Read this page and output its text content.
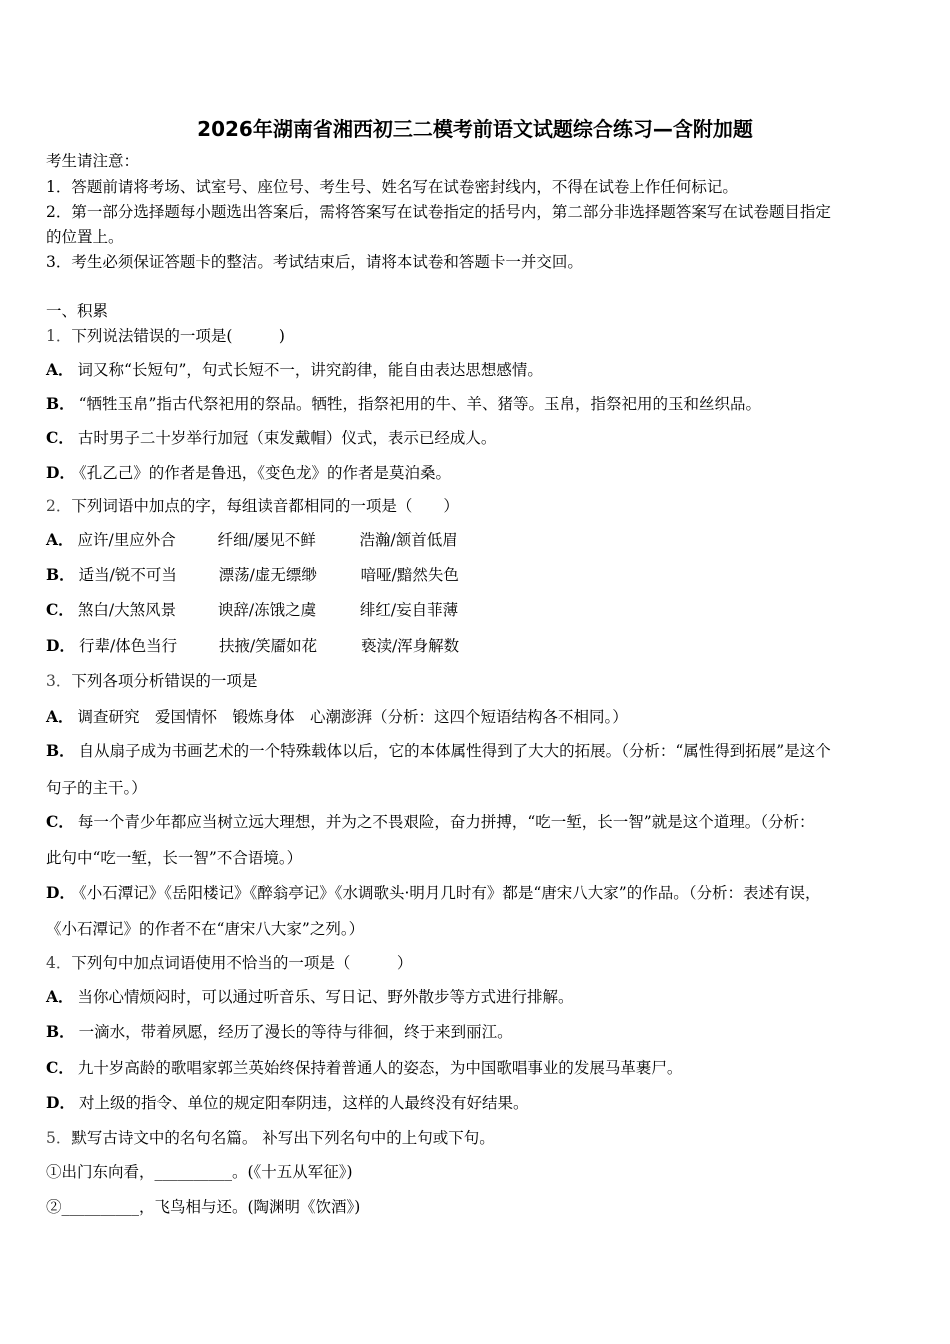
2026年湖南省湘西初三二模考前语文试题综合练习—含附加题
考生请注意：
1．答题前请将考场、试室号、座位号、考生号、姓名写在试卷密封线内，不得在试卷上作任何标记。
2．第一部分选择题每小题选出答案后，需将答案写在试卷指定的括号内，第二部分非选择题答案写在试卷题目指定
的位置上。
3．考生必须保证答题卡的整洁。考试结束后，请将本试卷和答题卡一并交回。
一、积累
1．下列说法错误的一项是(　　　)
A． 词又称“长短句”，句式长短不一，讲究韵律，能自由表达思想感情。
B． “牺牲玉帛”指古代祭祀用的祭品。牺牲，指祭祀用的牛、羊、猪等。玉帛，指祭祀用的玉和丝织品。
C． 古时男子二十岁举行加冠（束发戴帽）仪式，表示已经成人。
D． 《孔乙己》的作者是鲁迅，《变色龙》的作者是莫泊桑。
2．下列词语中加点的字，每组读音都相同的一项是（　　）
A． 应许/里应外合	纤细/屡见不鲜	浩瀚/颔首低眉
B． 适当/锐不可当	漂荡/虚无缥缈	喑哑/黯然失色
C． 煞白/大煞风景	谀辞/冻饿之虞	绯红/妄自菲薄
D． 行辈/体色当行	扶掖/笑靥如花	亵渎/浑身解数
3．下列各项分析错误的一项是
A． 调查研究　爱国情怀　锻炼身体　心潮澎湃（分析：这四个短语结构各不相同。）
B． 自从扇子成为书画艺术的一个特殊载体以后，它的本体属性得到了大大的拓展。（分析：“属性得到拓展”是这个
句子的主干。）
C． 每一个青少年都应当树立远大理想，并为之不畏艰险，奋力拼搏，“吃一堑，长一智”就是这个道理。（分析：
此句中“吃一堑，长一智”不合语境。）
D． 《小石潭记》《岳阳楼记》《醉翁亭记》《水调歌头·明月几时有》都是“唐宋八大家”的作品。（分析：表述有误，
《小石潭记》的作者不在“唐宋八大家”之列。）
4．下列句中加点词语使用不恰当的一项是（　　　）
A． 当你心情烦闷时，可以通过听音乐、写日记、野外散步等方式进行排解。
B． 一滴水，带着夙愿，经历了漫长的等待与徘徊，终于来到丽江。
C． 九十岁高龄的歌唱家郭兰英始终保持着普通人的姿态，为中国歌唱事业的发展马革裹尸。
D． 对上级的指令、单位的规定阳奉阴违，这样的人最终没有好结果。
5．默写古诗文中的名句名篇。 补写出下列名句中的上句或下句。
①出门东向看，__________。(《十五从军征》)
②__________，飞鸟相与还。(陶渊明《饮酒》)
